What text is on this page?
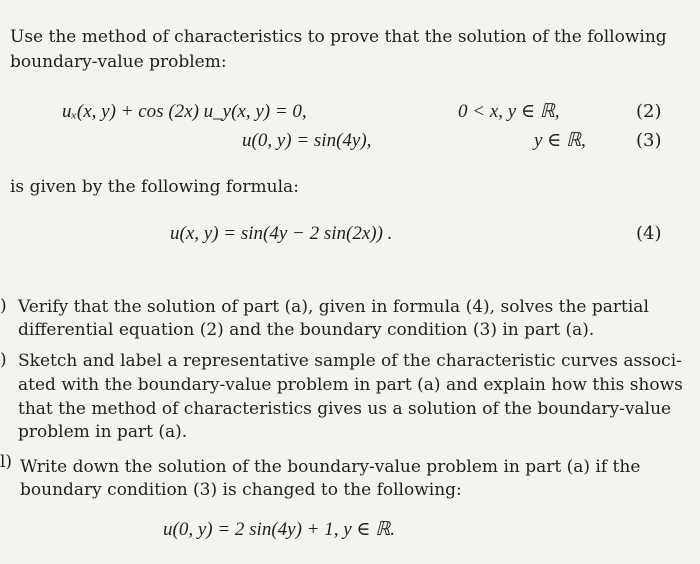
Use the method of characteristics to prove that the solution of the following
boundary-value problem:
uₓ(x, y) + cos (2x) u_y(x, y) = 0,	0 < x, y ∈ ℝ,	(2)
u(0, y) = sin(4y),	y ∈ ℝ,	(3)
is given by the following formula:
u(x, y) = sin(4y − 2 sin(2x)) .	(4)
) Verify that the solution of part (a), given in formula (4), solves the partial
differential equation (2) and the boundary condition (3) in part (a).
) Sketch and label a representative sample of the characteristic curves associ-
ated with the boundary-value problem in part (a) and explain how this shows
that the method of characteristics gives us a solution of the boundary-value
problem in part (a).
l) Write down the solution of the boundary-value problem in part (a) if the
boundary condition (3) is changed to the following:
u(0, y) = 2 sin(4y) + 1, y ∈ ℝ.
